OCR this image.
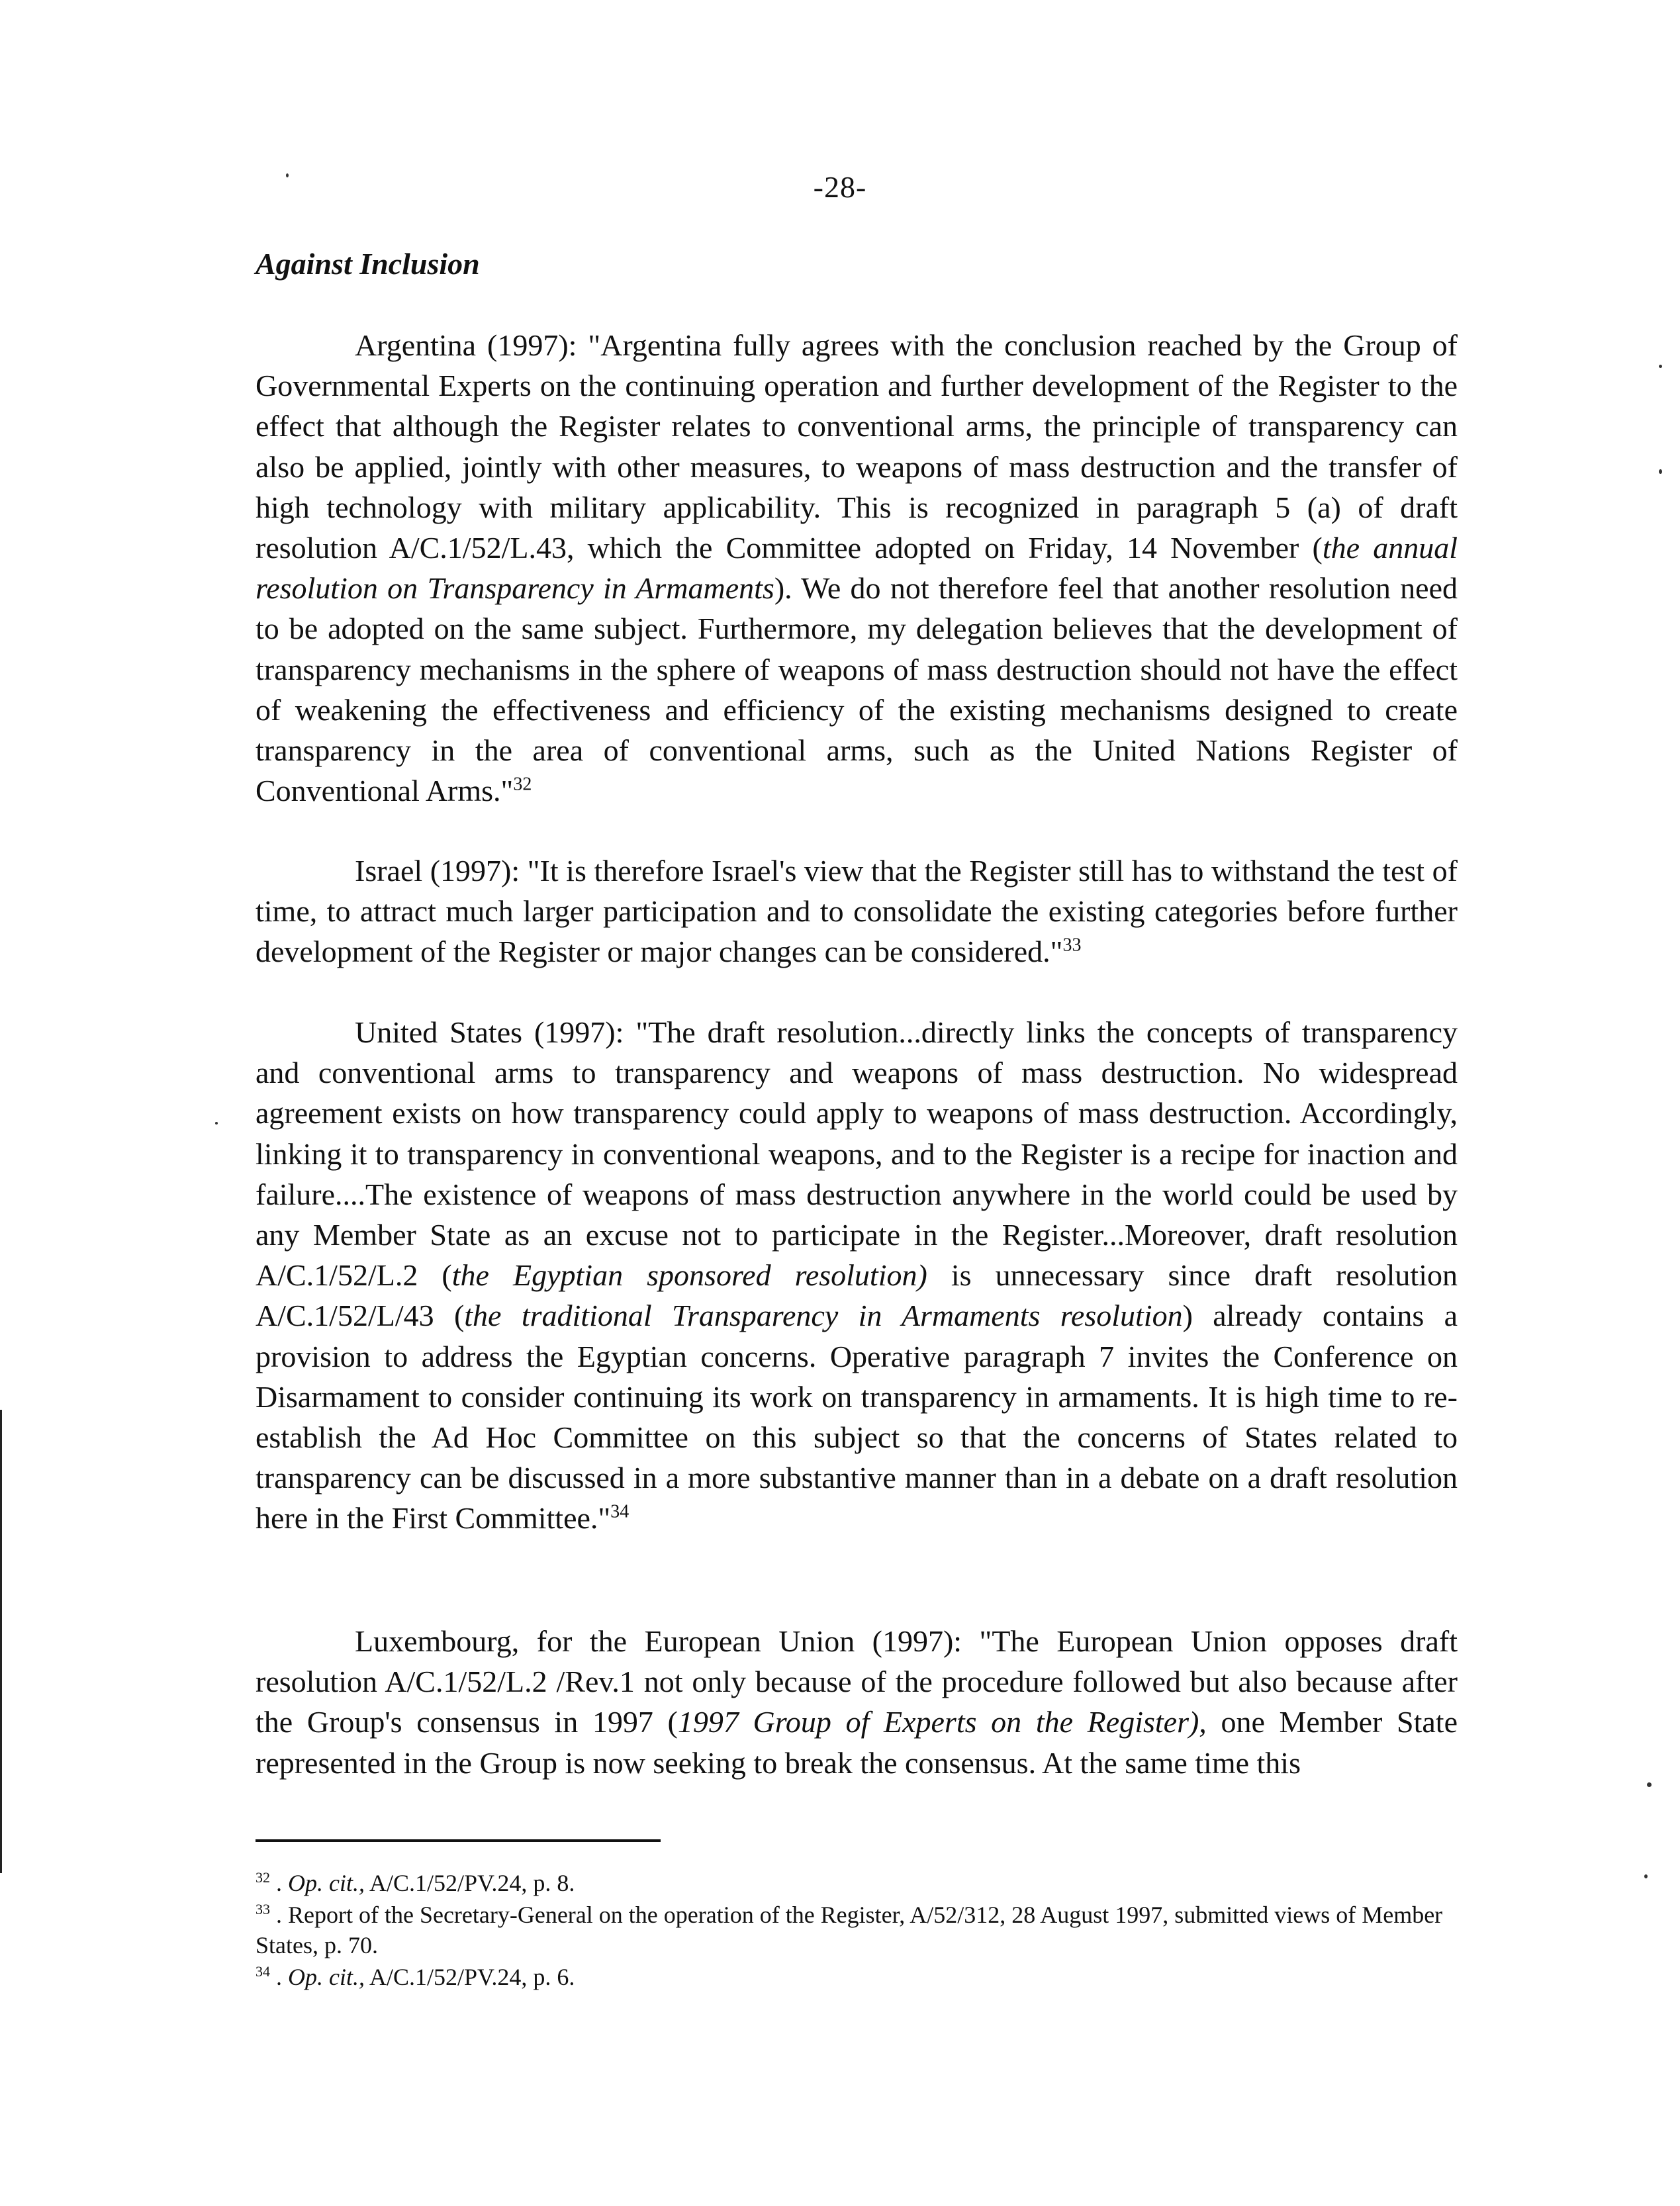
-28-
Against Inclusion

Argentina (1997): "Argentina fully agrees with the conclusion reached by the Group of Governmental Experts on the continuing operation and further development of the Register to the effect that although the Register relates to conventional arms, the principle of transparency can also be applied, jointly with other measures, to weapons of mass destruction and the transfer of high technology with military applicability. This is recognized in paragraph 5 (a) of draft resolution A/C.1/52/L.43, which the Committee adopted on Friday, 14 November (the annual resolution on Transparency in Armaments). We do not therefore feel that another resolution need to be adopted on the same subject. Furthermore, my delegation believes that the development of transparency mechanisms in the sphere of weapons of mass destruction should not have the effect of weakening the effectiveness and efficiency of the existing mechanisms designed to create transparency in the area of conventional arms, such as the United Nations Register of Conventional Arms."$^{32}$

Israel (1997): "It is therefore Israel's view that the Register still has to withstand the test of time, to attract much larger participation and to consolidate the existing categories before further development of the Register or major changes can be considered."$^{33}$

United States (1997): "The draft resolution...directly links the concepts of transparency and conventional arms to transparency and weapons of mass destruction. No widespread agreement exists on how transparency could apply to weapons of mass destruction. Accordingly, linking it to transparency in conventional weapons, and to the Register is a recipe for inaction and failure....The existence of weapons of mass destruction anywhere in the world could be used by any Member State as an excuse not to participate in the Register...Moreover, draft resolution A/C.1/52/L.2 (the Egyptian sponsored resolution) is unnecessary since draft resolution A/C.1/52/L/43 (the traditional Transparency in Armaments resolution) already contains a provision to address the Egyptian concerns. Operative paragraph 7 invites the Conference on Disarmament to consider continuing its work on transparency in armaments. It is high time to re-establish the Ad Hoc Committee on this subject so that the concerns of States related to transparency can be discussed in a more substantive manner than in a debate on a draft resolution here in the First Committee."$^{34}$

Luxembourg, for the European Union (1997): "The European Union opposes draft resolution A/C.1/52/L.2 /Rev.1 not only because of the procedure followed but also because after the Group's consensus in 1997 (1997 Group of Experts on the Register), one Member State represented in the Group is now seeking to break the consensus. At the same time this

$^{32}$ . Op. cit., A/C.1/52/PV.24, p. 8.

$^{33}$ . Report of the Secretary-General on the operation of the Register, A/52/312, 28 August 1997, submitted views of Member States, p. 70.

$^{34}$ . Op. cit., A/C.1/52/PV.24, p. 6.
